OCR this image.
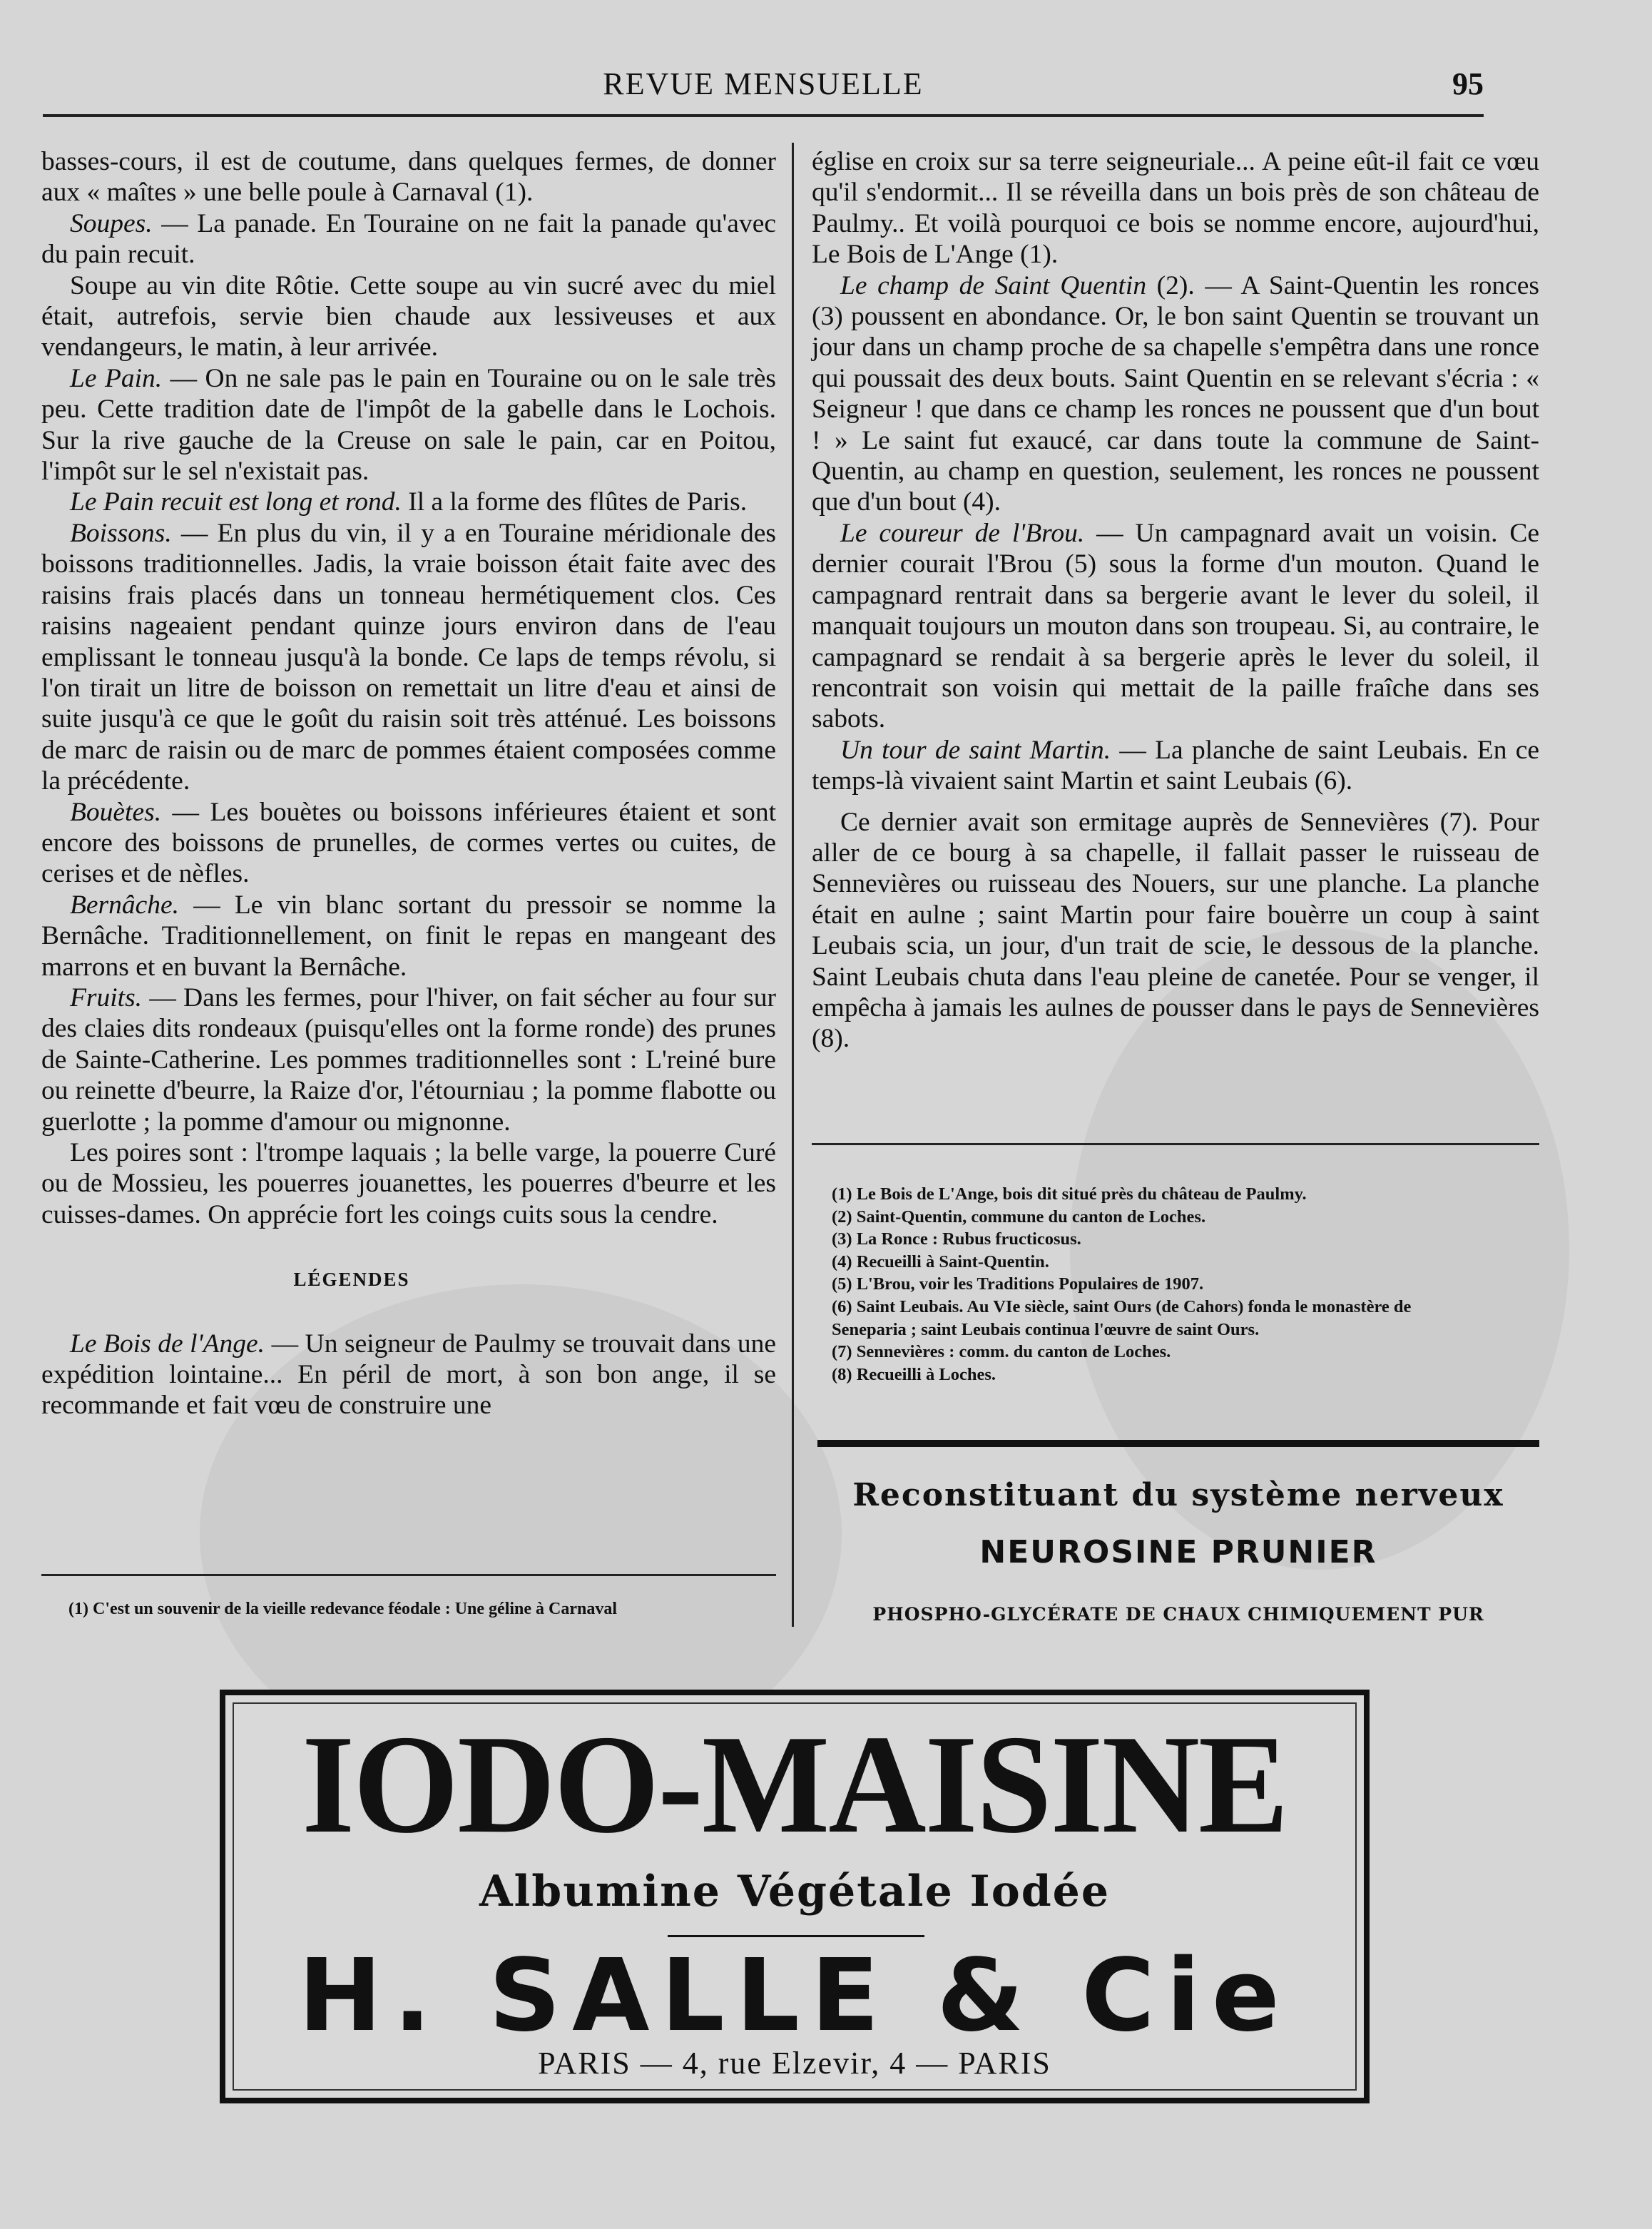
REVUE MENSUELLE	95

basses-cours, il est de coutume, dans quelques fermes, de donner aux « maîtes » une belle poule à Carnaval (1).

Soupes. — La panade. En Touraine on ne fait la panade qu'avec du pain recuit.

Soupe au vin dite Rôtie. Cette soupe au vin sucré avec du miel était, autrefois, servie bien chaude aux lessiveuses et aux vendangeurs, le matin, à leur arrivée.

Le Pain. — On ne sale pas le pain en Touraine ou on le sale très peu. Cette tradition date de l'impôt de la gabelle dans le Lochois. Sur la rive gauche de la Creuse on sale le pain, car en Poitou, l'impôt sur le sel n'existait pas.

Le Pain recuit est long et rond. Il a la forme des flûtes de Paris.

Boissons. — En plus du vin, il y a en Touraine méridionale des boissons traditionnelles. Jadis, la vraie boisson était faite avec des raisins frais placés dans un tonneau hermétiquement clos. Ces raisins nageaient pendant quinze jours environ dans de l'eau emplissant le tonneau jusqu'à la bonde. Ce laps de temps révolu, si l'on tirait un litre de boisson on remettait un litre d'eau et ainsi de suite jusqu'à ce que le goût du raisin soit très atténué. Les boissons de marc de raisin ou de marc de pommes étaient composées comme la précédente.

Bouètes. — Les bouètes ou boissons inférieures étaient et sont encore des boissons de prunelles, de cormes vertes ou cuites, de cerises et de nèfles.

Bernâche. — Le vin blanc sortant du pressoir se nomme la Bernâche. Traditionnellement, on finit le repas en mangeant des marrons et en buvant la Bernâche.

Fruits. — Dans les fermes, pour l'hiver, on fait sécher au four sur des claies dits rondeaux (puisqu'elles ont la forme ronde) des prunes de Sainte-Catherine. Les pommes traditionnelles sont : L'reiné bure ou reinette d'beurre, la Raize d'or, l'étourniau ; la pomme flabotte ou guerlotte ; la pomme d'amour ou mignonne.

Les poires sont : l'trompe laquais ; la belle varge, la pouerre Curé ou de Mossieu, les pouerres jouanettes, les pouerres d'beurre et les cuisses-dames. On apprécie fort les coings cuits sous la cendre.

LÉGENDES

Le Bois de l'Ange. — Un seigneur de Paulmy se trouvait dans une expédition lointaine... En péril de mort, à son bon ange, il se recommande et fait vœu de construire une

(1) C'est un souvenir de la vieille redevance féodale : Une géline à Carnaval

église en croix sur sa terre seigneuriale... A peine eût-il fait ce vœu qu'il s'endormit... Il se réveilla dans un bois près de son château de Paulmy.. Et voilà pourquoi ce bois se nomme encore, aujourd'hui, Le Bois de L'Ange (1).

Le champ de Saint Quentin (2). — A Saint-Quentin les ronces (3) poussent en abondance. Or, le bon saint Quentin se trouvant un jour dans un champ proche de sa chapelle s'empêtra dans une ronce qui poussait des deux bouts. Saint Quentin en se relevant s'écria : « Seigneur ! que dans ce champ les ronces ne poussent que d'un bout ! » Le saint fut exaucé, car dans toute la commune de Saint-Quentin, au champ en question, seulement, les ronces ne poussent que d'un bout (4).

Le coureur de l'Brou. — Un campagnard avait un voisin. Ce dernier courait l'Brou (5) sous la forme d'un mouton. Quand le campagnard rentrait dans sa bergerie avant le lever du soleil, il manquait toujours un mouton dans son troupeau. Si, au contraire, le campagnard se rendait à sa bergerie après le lever du soleil, il rencontrait son voisin qui mettait de la paille fraîche dans ses sabots.

Un tour de saint Martin. — La planche de saint Leubais. En ce temps-là vivaient saint Martin et saint Leubais (6).

Ce dernier avait son ermitage auprès de Sennevières (7). Pour aller de ce bourg à sa chapelle, il fallait passer le ruisseau de Sennevières ou ruisseau des Nouers, sur une planche. La planche était en aulne ; saint Martin pour faire bouèrre un coup à saint Leubais scia, un jour, d'un trait de scie, le dessous de la planche. Saint Leubais chuta dans l'eau pleine de canetée. Pour se venger, il empêcha à jamais les aulnes de pousser dans le pays de Sennevières (8).

(1) Le Bois de L'Ange, bois dit situé près du château de Paulmy.
(2) Saint-Quentin, commune du canton de Loches.
(3) La Ronce : Rubus fructicosus.
(4) Recueilli à Saint-Quentin.
(5) L'Brou, voir les Traditions Populaires de 1907.
(6) Saint Leubais. Au VIe siècle, saint Ours (de Cahors) fonda le monastère de
Seneparia ; saint Leubais continua l'œuvre de saint Ours.
(7) Sennevières : comm. du canton de Loches.
(8) Recueilli à Loches.
Reconstituant du système nerveux
NEUROSINE PRUNIER
PHOSPHO-GLYCÉRATE DE CHAUX CHIMIQUEMENT PUR
IODO-MAISINE
Albumine Végétale Iodée
H. SALLE & Cie
PARIS — 4, rue Elzevir, 4 — PARIS
